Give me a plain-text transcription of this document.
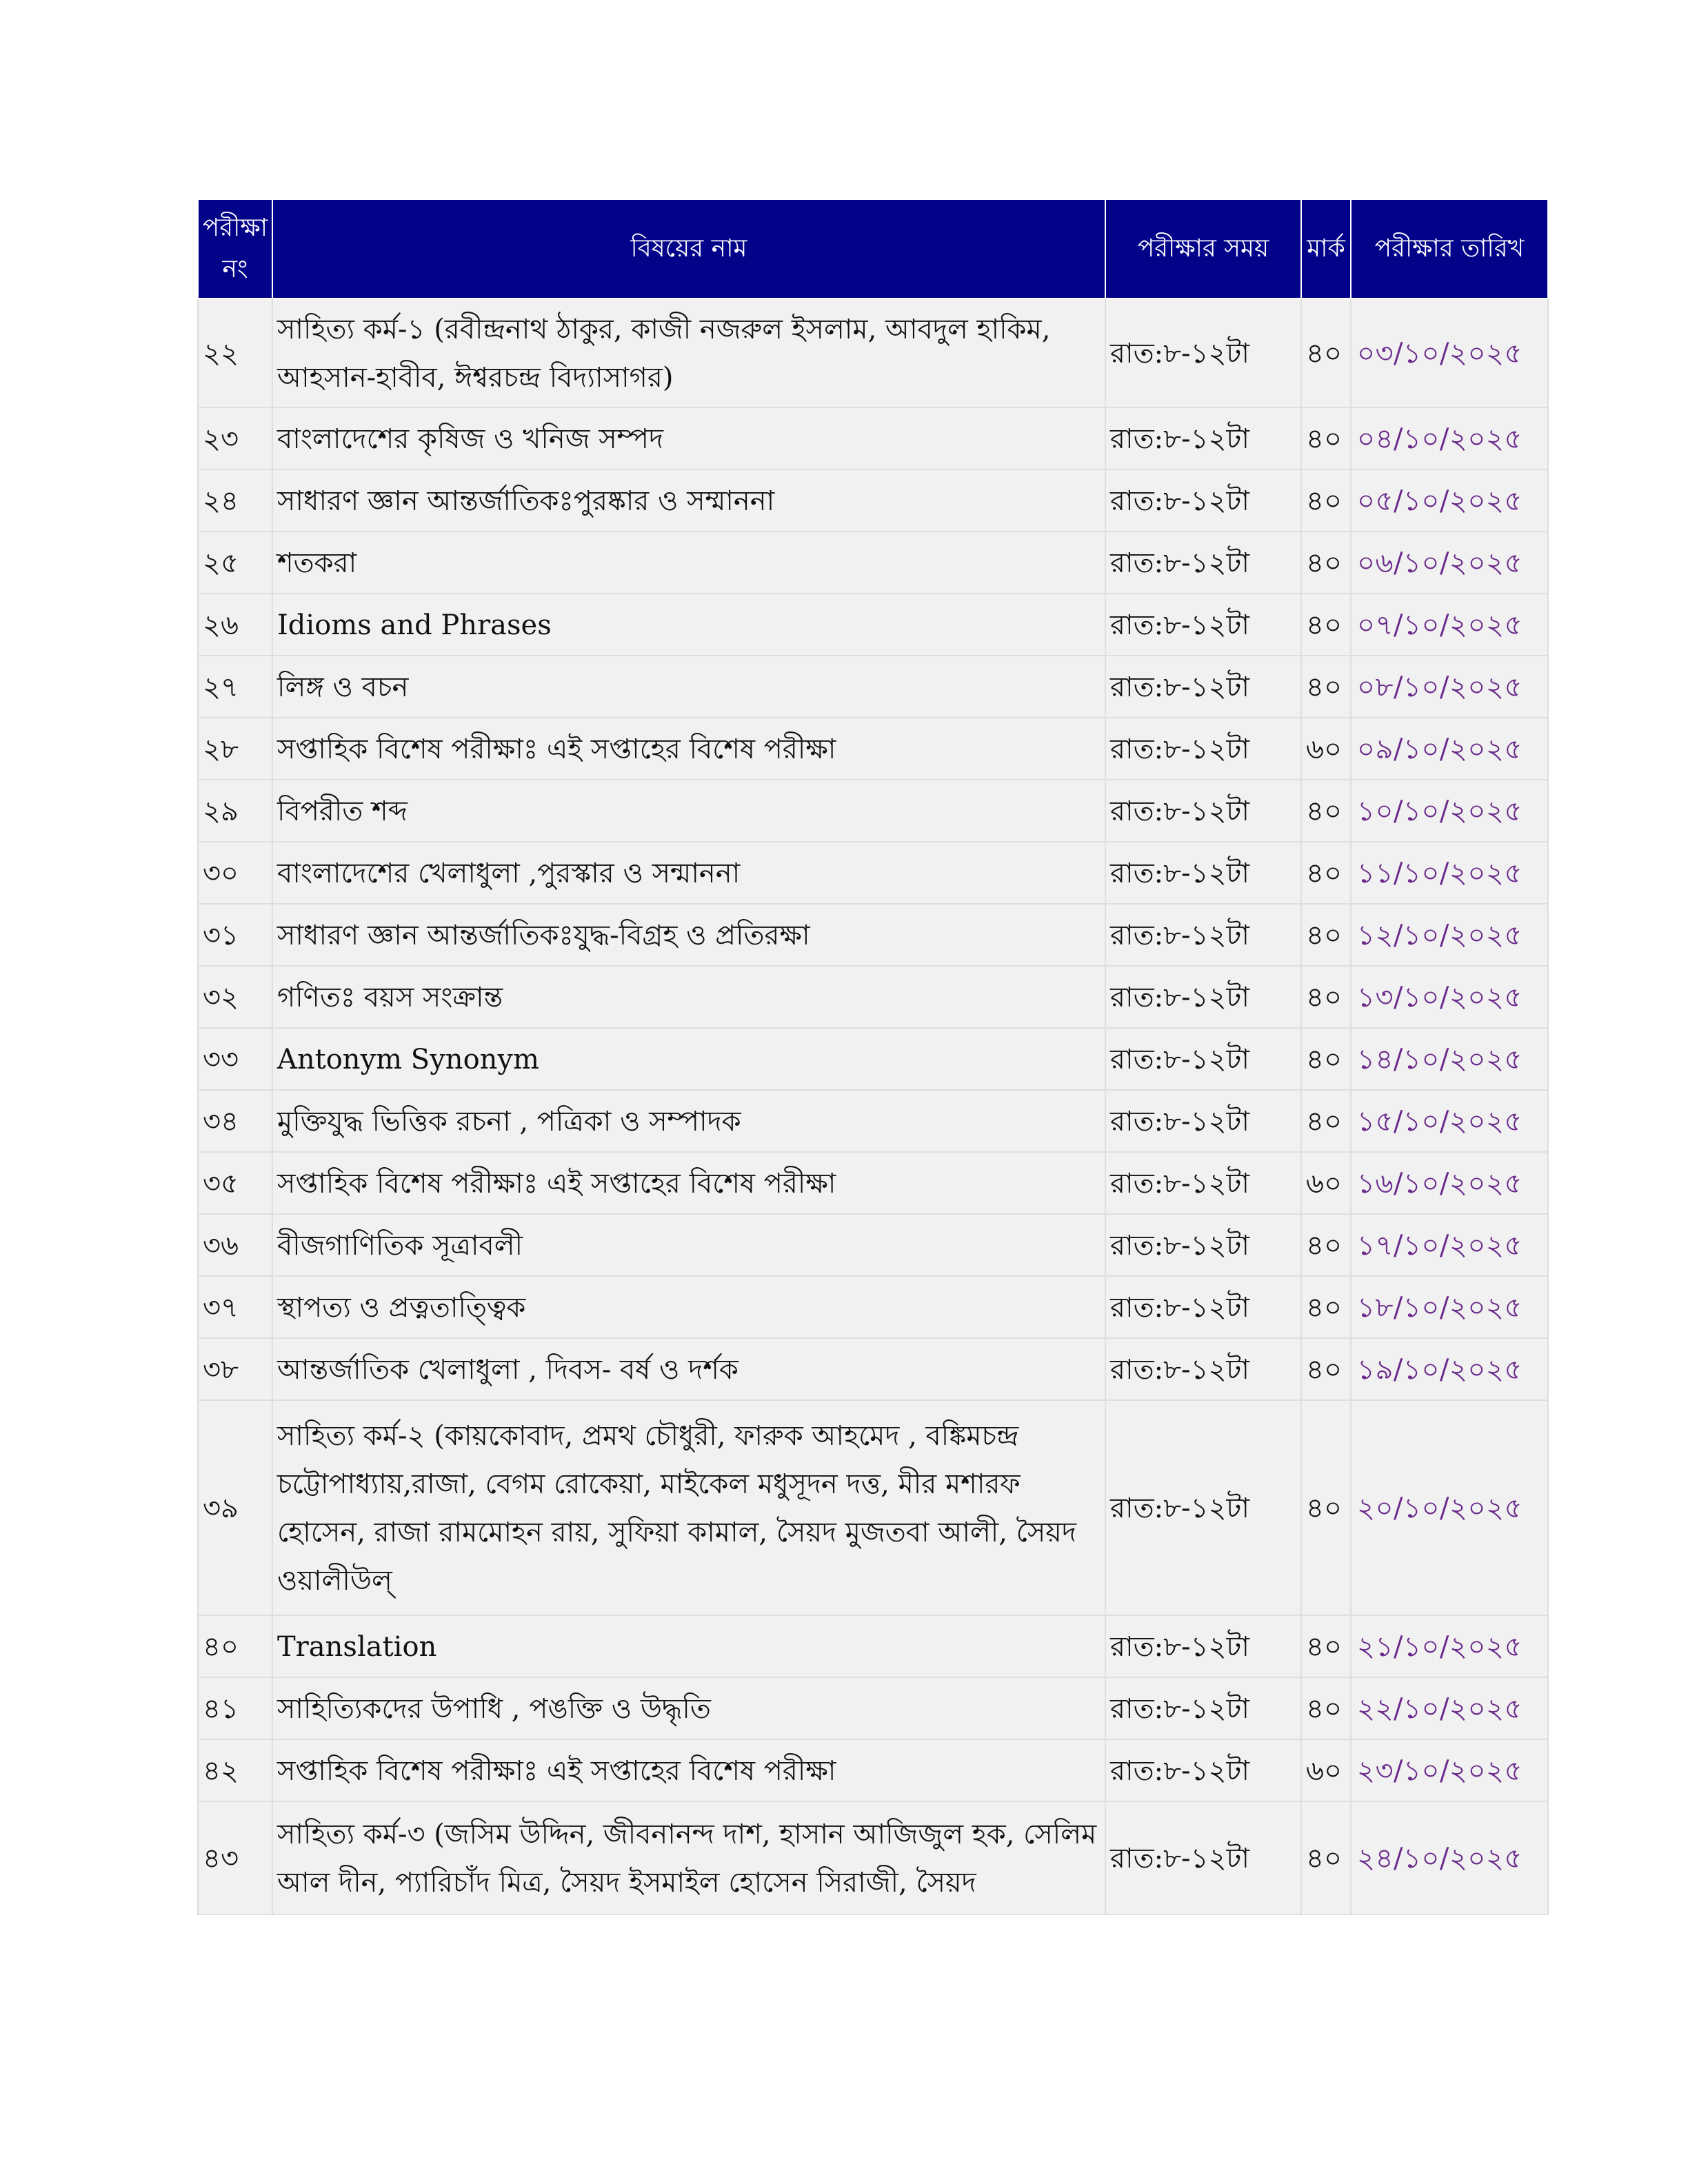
পরীক্ষা নং	বিষয়ের নাম	পরীক্ষার সময়	মার্ক	পরীক্ষার তারিখ
২২	সাহিত্য কর্ম-১ (রবীন্দ্রনাথ ঠাকুর, কাজী নজরুল ইসলাম, আবদুল হাকিম, আহসান-হাবীব, ঈশ্বরচন্দ্র বিদ্যাসাগর)	রাত:৮-১২টা	৪০	০৩/১০/২০২৫
২৩	বাংলাদেশের কৃষিজ ও খনিজ সম্পদ	রাত:৮-১২টা	৪০	০৪/১০/২০২৫
২৪	সাধারণ জ্ঞান আন্তর্জাতিকঃপুরষ্কার ও সম্মাননা	রাত:৮-১২টা	৪০	০৫/১০/২০২৫
২৫	শতকরা	রাত:৮-১২টা	৪০	০৬/১০/২০২৫
২৬	Idioms and Phrases	রাত:৮-১২টা	৪০	০৭/১০/২০২৫
২৭	লিঙ্গ ও বচন	রাত:৮-১২টা	৪০	০৮/১০/২০২৫
২৮	সপ্তাহিক বিশেষ পরীক্ষাঃ এই সপ্তাহের বিশেষ পরীক্ষা	রাত:৮-১২টা	৬০	০৯/১০/২০২৫
২৯	বিপরীত শব্দ	রাত:৮-১২টা	৪০	১০/১০/২০২৫
৩০	বাংলাদেশের খেলাধুলা ,পুরস্কার ও সন্মাননা	রাত:৮-১২টা	৪০	১১/১০/২০২৫
৩১	সাধারণ জ্ঞান আন্তর্জাতিকঃযুদ্ধ-বিগ্রহ ও প্রতিরক্ষা	রাত:৮-১২টা	৪০	১২/১০/২০২৫
৩২	গণিতঃ বয়স সংক্রান্ত	রাত:৮-১২টা	৪০	১৩/১০/২০২৫
৩৩	Antonym Synonym	রাত:৮-১২টা	৪০	১৪/১০/২০২৫
৩৪	মুক্তিযুদ্ধ ভিত্তিক রচনা , পত্রিকা ও সম্পাদক	রাত:৮-১২টা	৪০	১৫/১০/২০২৫
৩৫	সপ্তাহিক বিশেষ পরীক্ষাঃ এই সপ্তাহের বিশেষ পরীক্ষা	রাত:৮-১২টা	৬০	১৬/১০/২০২৫
৩৬	বীজগাণিতিক সূত্রাবলী	রাত:৮-১২টা	৪০	১৭/১০/২০২৫
৩৭	স্থাপত্য ও প্রত্নতাত্ত্বিক	রাত:৮-১২টা	৪০	১৮/১০/২০২৫
৩৮	আন্তর্জাতিক খেলাধুলা , দিবস- বর্ষ ও দর্শক	রাত:৮-১২টা	৪০	১৯/১০/২০২৫
৩৯	সাহিত্য কর্ম-২ (কায়কোবাদ, প্রমথ চৌধুরী, ফারুক আহমেদ , বঙ্কিমচন্দ্র চট্টোপাধ্যায়,রাজা, বেগম রোকেয়া, মাইকেল মধুসূদন দত্ত, মীর মশারফ হোসেন, রাজা রামমোহন রায়, সুফিয়া কামাল, সৈয়দ মুজতবা আলী, সৈয়দ ওয়ালীউল্	রাত:৮-১২টা	৪০	২০/১০/২০২৫
৪০	Translation	রাত:৮-১২টা	৪০	২১/১০/২০২৫
৪১	সাহিত্যিকদের উপাধি , পঙক্তি ও উদ্ধৃতি	রাত:৮-১২টা	৪০	২২/১০/২০২৫
৪২	সপ্তাহিক বিশেষ পরীক্ষাঃ এই সপ্তাহের বিশেষ পরীক্ষা	রাত:৮-১২টা	৬০	২৩/১০/২০২৫
৪৩	সাহিত্য কর্ম-৩ (জসিম উদ্দিন, জীবনানন্দ দাশ, হাসান আজিজুল হক, সেলিম আল দীন, প্যারিচাঁদ মিত্র, সৈয়দ ইসমাইল হোসেন সিরাজী, সৈয়দ	রাত:৮-১২টা	৪০	২৪/১০/২০২৫
